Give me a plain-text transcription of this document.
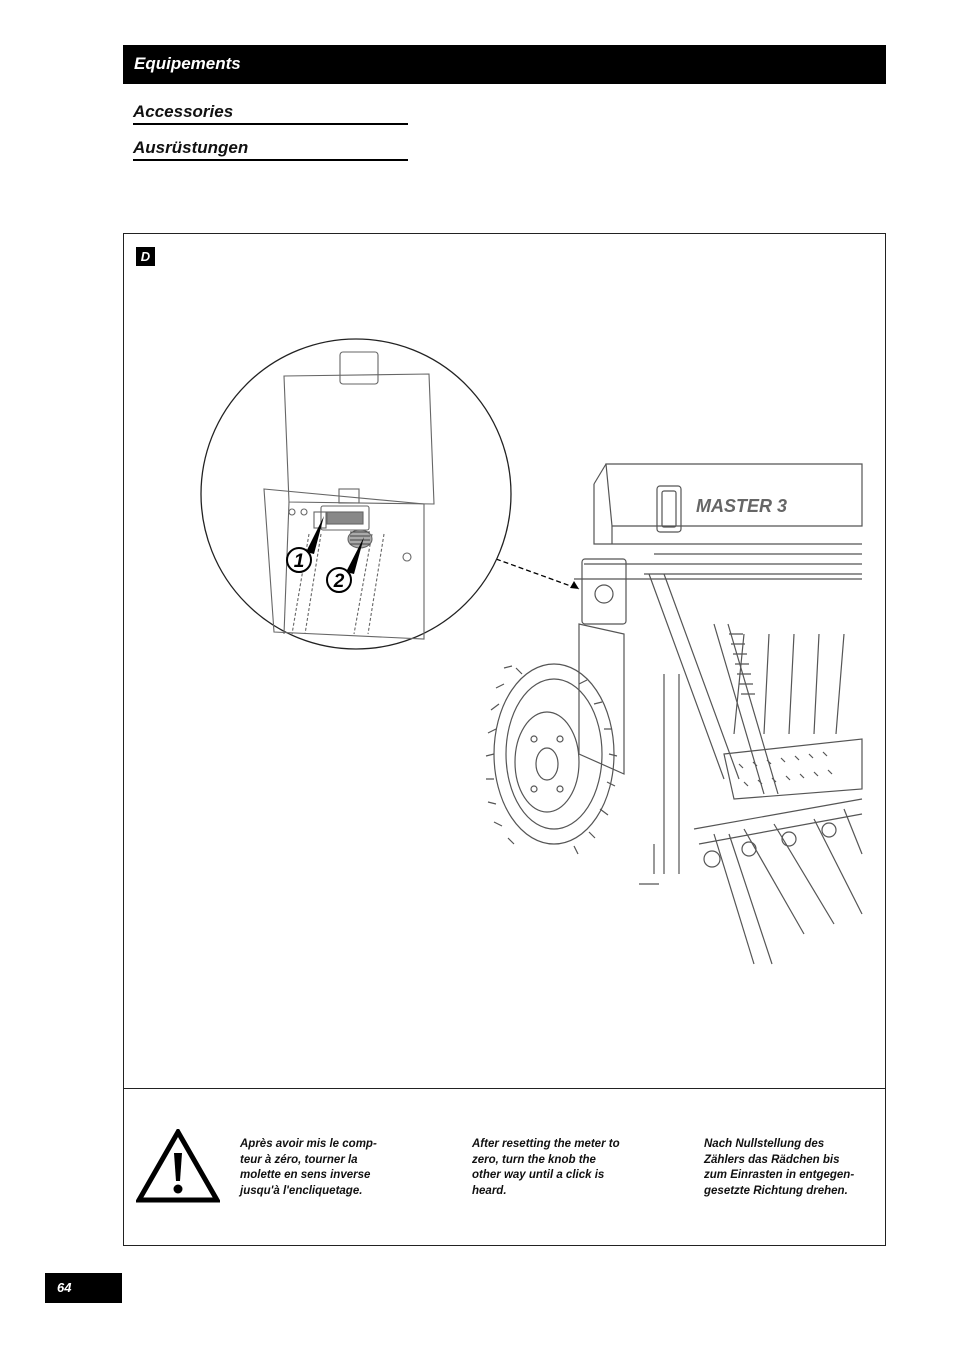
Equipements
Accessories
Ausrüstungen
D
MASTER 3
1
2
Après avoir mis le comp-
teur à zéro, tourner la
molette en sens inverse
jusqu'à l'encliquetage.
After resetting the meter to
zero, turn the knob the
other way until a click is
heard.
Nach Nullstellung des
Zählers das Rädchen bis
zum Einrasten in entgegen-
gesetzte Richtung drehen.
64
